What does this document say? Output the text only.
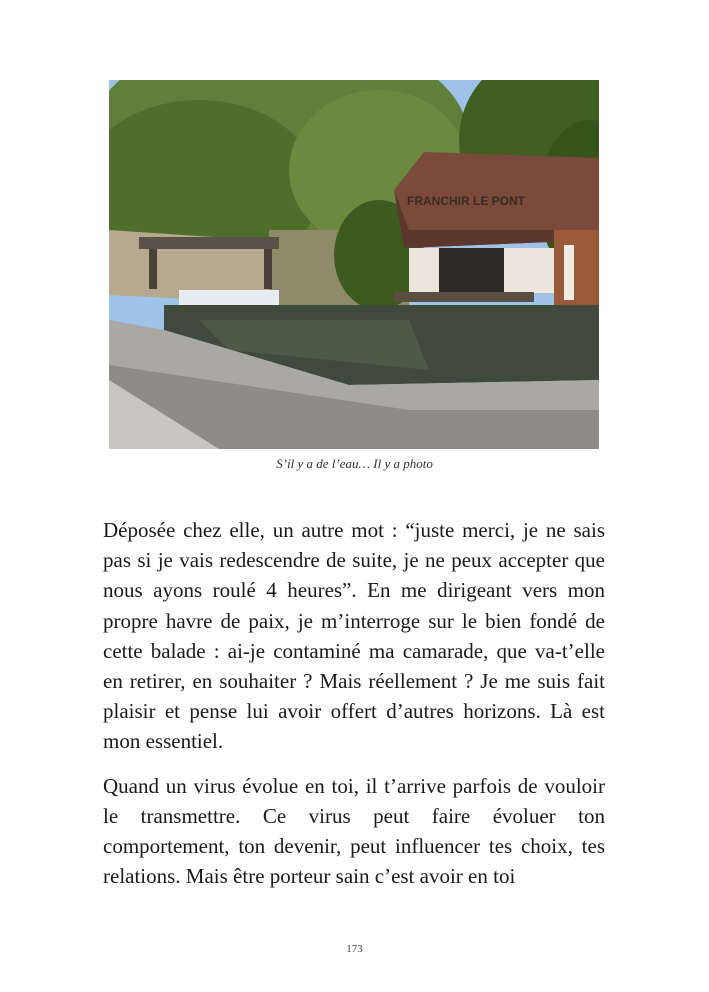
FRANCHIR LE PONT
S’il y a de l’eau… Il y a photo

Déposée chez elle, un autre mot : “juste merci, je ne sais pas si je vais redescendre de suite, je ne peux accepter que nous ayons roulé 4 heures”. En me dirigeant vers mon propre havre de paix, je m’interroge sur le bien fondé de cette balade : ai-je contaminé ma camarade, que va-t’elle en retirer, en souhaiter ? Mais réellement ? Je me suis fait plaisir et pense lui avoir offert d’autres horizons. Là est mon essentiel.

Quand un virus évolue en toi, il t’arrive parfois de vouloir le transmettre. Ce virus peut faire évoluer ton comportement, ton devenir, peut influencer tes choix, tes relations. Mais être porteur sain c’est avoir en toi

173
